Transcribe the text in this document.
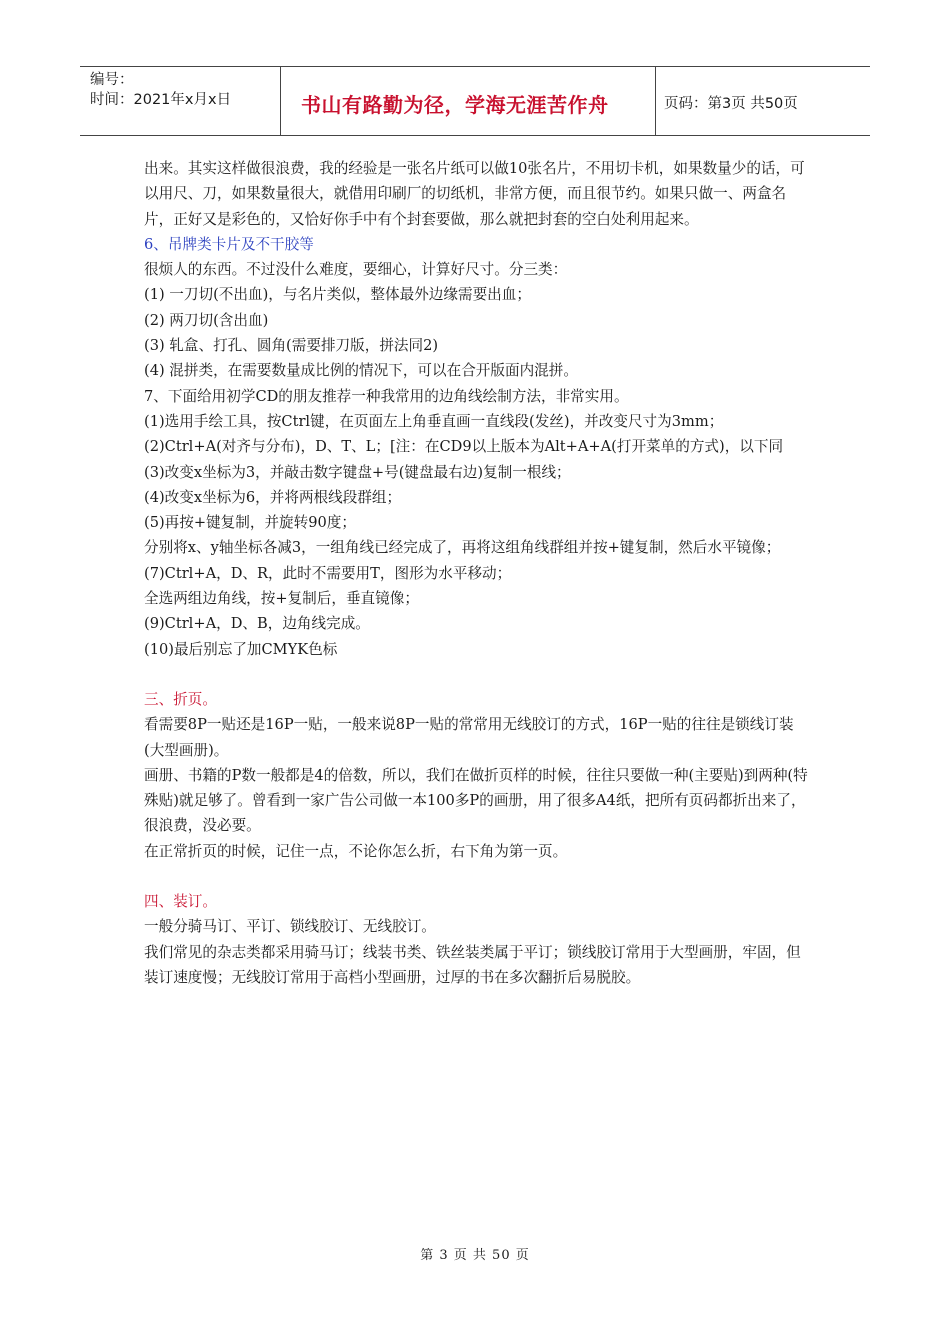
编号：
时间：2021年x月x日	书山有路勤为径，学海无涯苦作舟	页码：第3页 共50页

出来。其实这样做很浪费，我的经验是一张名片纸可以做10张名片，不用切卡机，如果数量少的话，可以用尺、刀，如果数量很大，就借用印刷厂的切纸机，非常方便，而且很节约。如果只做一、两盒名片，正好又是彩色的，又恰好你手中有个封套要做，那么就把封套的空白处利用起来。

6、吊牌类卡片及不干胶等

很烦人的东西。不过没什么难度，要细心，计算好尺寸。分三类：

(1) 一刀切(不出血)，与名片类似，整体最外边缘需要出血；

(2) 两刀切(含出血)

(3) 轧盒、打孔、圆角(需要排刀版，拼法同2)

(4) 混拼类，在需要数量成比例的情况下，可以在合开版面内混拼。

7、下面给用初学CD的朋友推荐一种我常用的边角线绘制方法，非常实用。

(1)选用手绘工具，按Ctrl键，在页面左上角垂直画一直线段(发丝)，并改变尺寸为3mm；

(2)Ctrl+A(对齐与分布)，D、T、L；[注：在CD9以上版本为Alt+A+A(打开菜单的方式)，以下同

(3)改变x坐标为3，并敲击数字键盘+号(键盘最右边)复制一根线；

(4)改变x坐标为6，并将两根线段群组；

(5)再按+键复制，并旋转90度；

分别将x、y轴坐标各减3，一组角线已经完成了，再将这组角线群组并按+键复制，然后水平镜像；

(7)Ctrl+A，D、R，此时不需要用T，图形为水平移动；

全选两组边角线，按+复制后，垂直镜像；

(9)Ctrl+A，D、B，边角线完成。

(10)最后别忘了加CMYK色标

三、折页。

看需要8P一贴还是16P一贴，一般来说8P一贴的常常用无线胶订的方式，16P一贴的往往是锁线订装(大型画册)。

画册、书籍的P数一般都是4的倍数，所以，我们在做折页样的时候，往往只要做一种(主要贴)到两种(特殊贴)就足够了。曾看到一家广告公司做一本100多P的画册，用了很多A4纸，把所有页码都折出来了，很浪费，没必要。

在正常折页的时候，记住一点，不论你怎么折，右下角为第一页。

四、装订。

一般分骑马订、平订、锁线胶订、无线胶订。

我们常见的杂志类都采用骑马订；线装书类、铁丝装类属于平订；锁线胶订常用于大型画册，牢固，但装订速度慢；无线胶订常用于高档小型画册，过厚的书在多次翻折后易脱胶。

第 3 页 共 50 页
